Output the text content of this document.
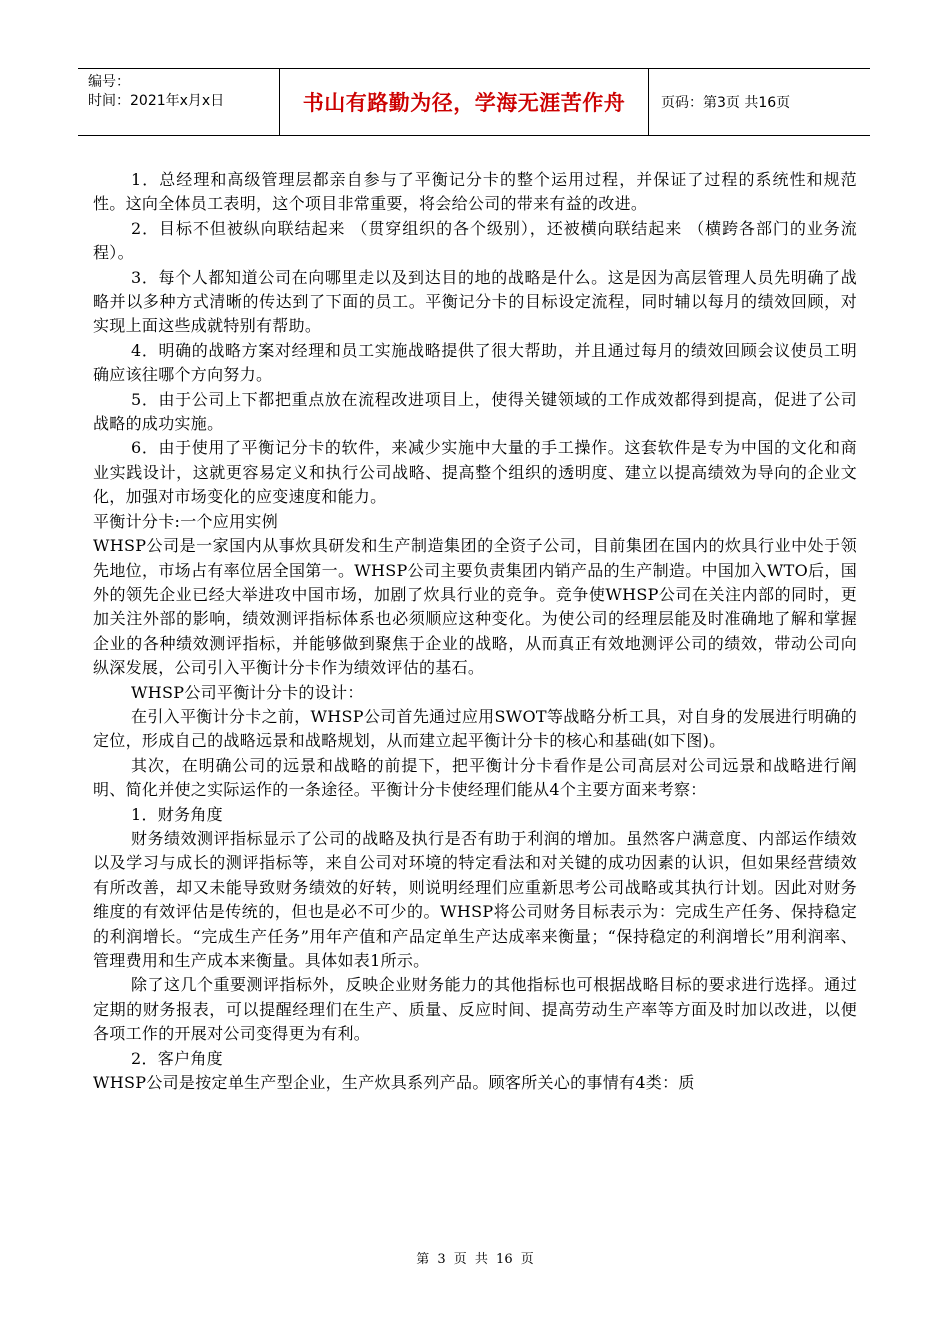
编号：
时间：2021年x月x日	书山有路勤为径，学海无涯苦作舟	页码：第3页 共16页

1．总经理和高级管理层都亲自参与了平衡记分卡的整个运用过程，并保证了过程的系统性和规范性。这向全体员工表明，这个项目非常重要，将会给公司的带来有益的改进。

2．目标不但被纵向联结起来 （贯穿组织的各个级别），还被横向联结起来 （横跨各部门的业务流程）。

3．每个人都知道公司在向哪里走以及到达目的地的战略是什么。这是因为高层管理人员先明确了战略并以多种方式清晰的传达到了下面的员工。平衡记分卡的目标设定流程，同时辅以每月的绩效回顾，对实现上面这些成就特别有帮助。

4．明确的战略方案对经理和员工实施战略提供了很大帮助，并且通过每月的绩效回顾会议使员工明确应该往哪个方向努力。

5．由于公司上下都把重点放在流程改进项目上，使得关键领域的工作成效都得到提高，促进了公司战略的成功实施。

6．由于使用了平衡记分卡的软件，来减少实施中大量的手工操作。这套软件是专为中国的文化和商业实践设计，这就更容易定义和执行公司战略、提高整个组织的透明度、建立以提高绩效为导向的企业文化，加强对市场变化的应变速度和能力。

平衡计分卡:一个应用实例

WHSP公司是一家国内从事炊具研发和生产制造集团的全资子公司，目前集团在国内的炊具行业中处于领先地位，市场占有率位居全国第一。WHSP公司主要负责集团内销产品的生产制造。中国加入WTO后，国外的领先企业已经大举进攻中国市场，加剧了炊具行业的竞争。竞争使WHSP公司在关注内部的同时，更加关注外部的影响，绩效测评指标体系也必须顺应这种变化。为使公司的经理层能及时准确地了解和掌握企业的各种绩效测评指标，并能够做到聚焦于企业的战略，从而真正有效地测评公司的绩效，带动公司向纵深发展，公司引入平衡计分卡作为绩效评估的基石。

WHSP公司平衡计分卡的设计：

在引入平衡计分卡之前，WHSP公司首先通过应用SWOT等战略分析工具，对自身的发展进行明确的定位，形成自己的战略远景和战略规划，从而建立起平衡计分卡的核心和基础(如下图)。

其次，在明确公司的远景和战略的前提下，把平衡计分卡看作是公司高层对公司远景和战略进行阐明、简化并使之实际运作的一条途径。平衡计分卡使经理们能从4个主要方面来考察：

1．财务角度

财务绩效测评指标显示了公司的战略及执行是否有助于利润的增加。虽然客户满意度、内部运作绩效以及学习与成长的测评指标等，来自公司对环境的特定看法和对关键的成功因素的认识，但如果经营绩效有所改善，却又未能导致财务绩效的好转，则说明经理们应重新思考公司战略或其执行计划。因此对财务维度的有效评估是传统的，但也是必不可少的。WHSP将公司财务目标表示为：完成生产任务、保持稳定的利润增长。“完成生产任务”用年产值和产品定单生产达成率来衡量；“保持稳定的利润增长”用利润率、管理费用和生产成本来衡量。具体如表1所示。

除了这几个重要测评指标外，反映企业财务能力的其他指标也可根据战略目标的要求进行选择。通过定期的财务报表，可以提醒经理们在生产、质量、反应时间、提高劳动生产率等方面及时加以改进，以便各项工作的开展对公司变得更为有利。

2．客户角度

WHSP公司是按定单生产型企业，生产炊具系列产品。顾客所关心的事情有4类：质

第 3 页 共 16 页
